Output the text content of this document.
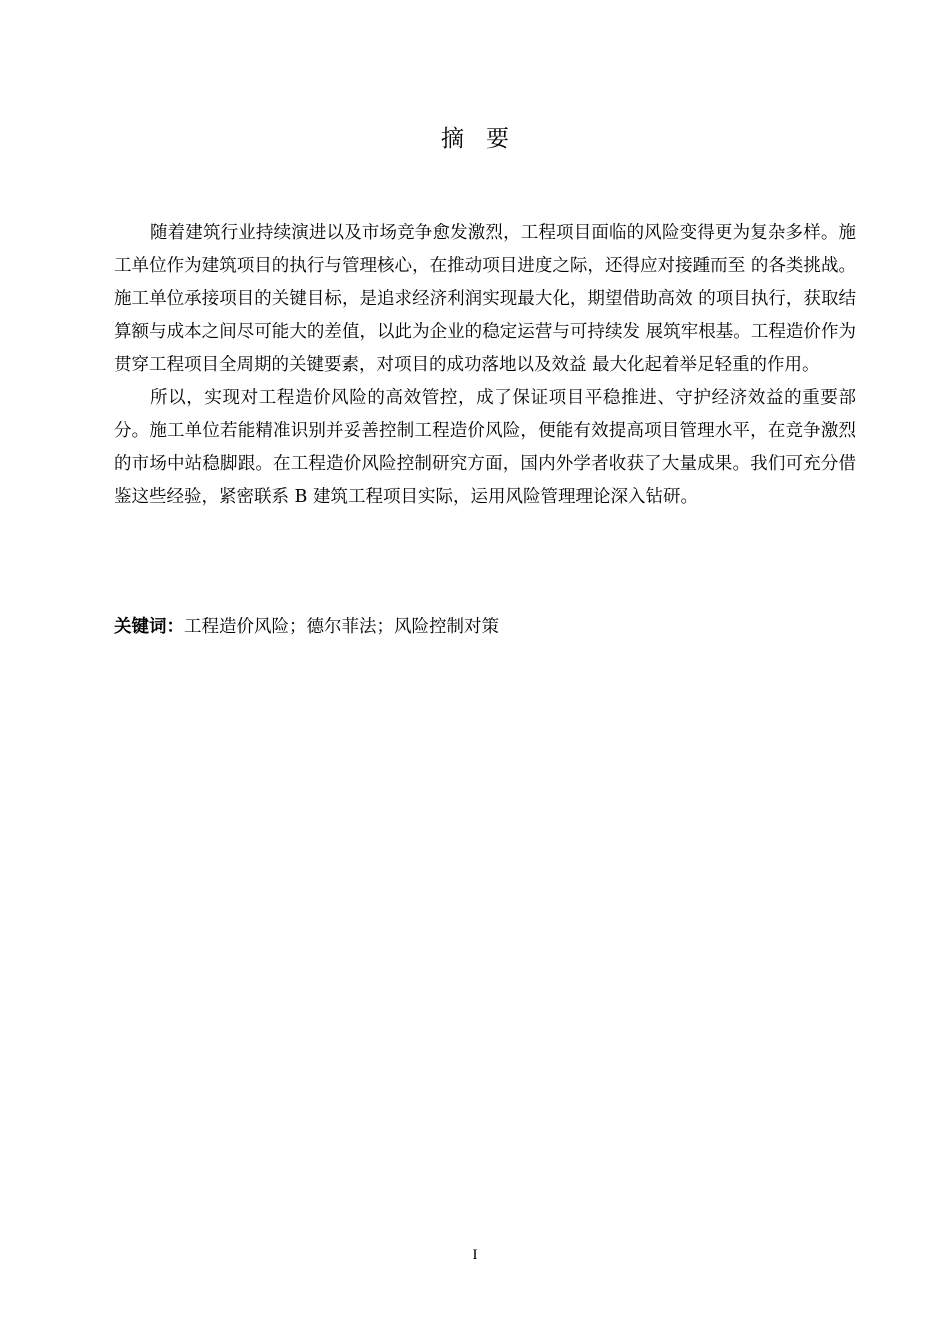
摘要

随着建筑行业持续演进以及市场竞争愈发激烈，工程项目面临的风险变得更为复杂多样。施工单位作为建筑项目的执行与管理核心，在推动项目进度之际，还得应对接踵而至 的各类挑战。施工单位承接项目的关键目标，是追求经济利润实现最大化，期望借助高效 的项目执行，获取结算额与成本之间尽可能大的差值，以此为企业的稳定运营与可持续发 展筑牢根基。工程造价作为贯穿工程项目全周期的关键要素，对项目的成功落地以及效益 最大化起着举足轻重的作用。

所以，实现对工程造价风险的高效管控，成了保证项目平稳推进、守护经济效益的重要部分。施工单位若能精准识别并妥善控制工程造价风险，便能有效提高项目管理水平，在竞争激烈的市场中站稳脚跟。在工程造价风险控制研究方面，国内外学者收获了大量成果。我们可充分借鉴这些经验，紧密联系 B 建筑工程项目实际，运用风险管理理论深入钻研。

关键词：工程造价风险；德尔菲法；风险控制对策
I
